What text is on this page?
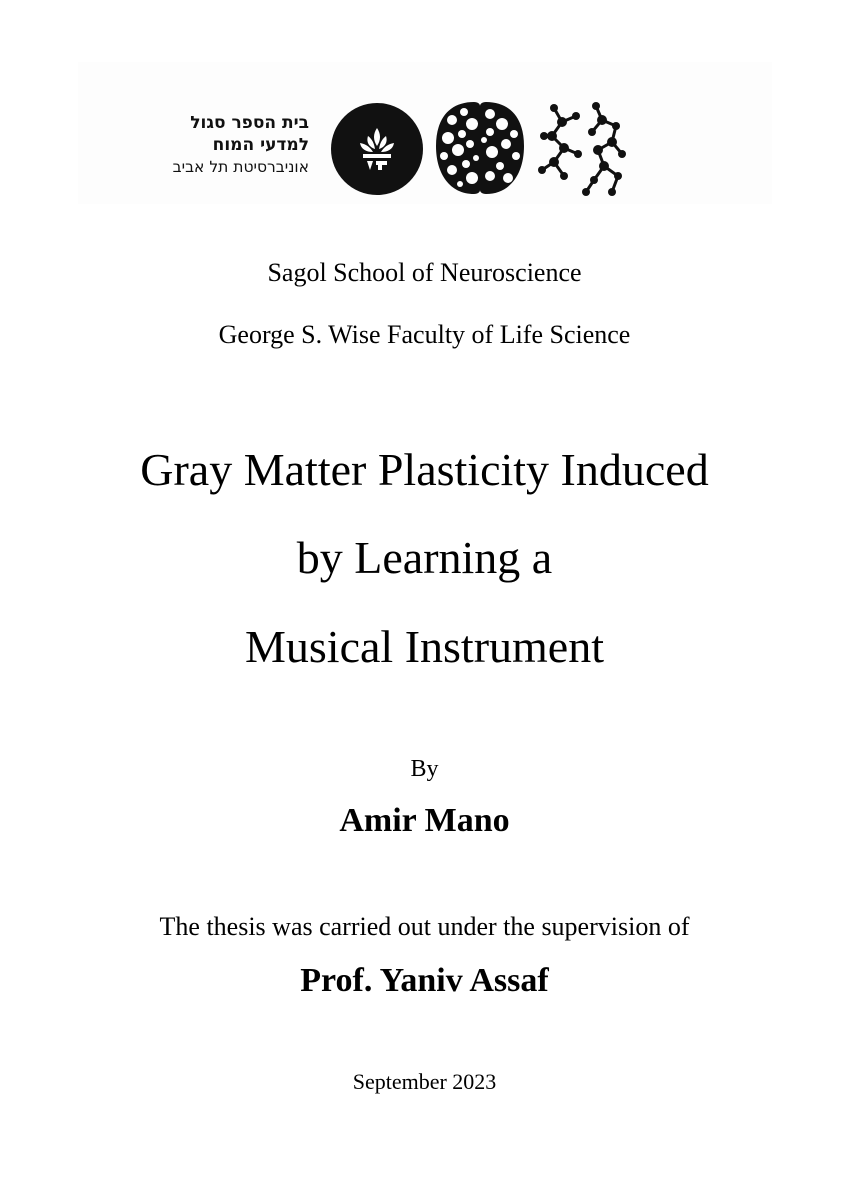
בית הספר סגול
למדעי המוח
אוניברסיטת תל אביב
Sagol School of Neuroscience
George S. Wise Faculty of Life Science
Gray Matter Plasticity Induced
by Learning a
Musical Instrument
By
Amir Mano
The thesis was carried out under the supervision of
Prof. Yaniv Assaf
September 2023
